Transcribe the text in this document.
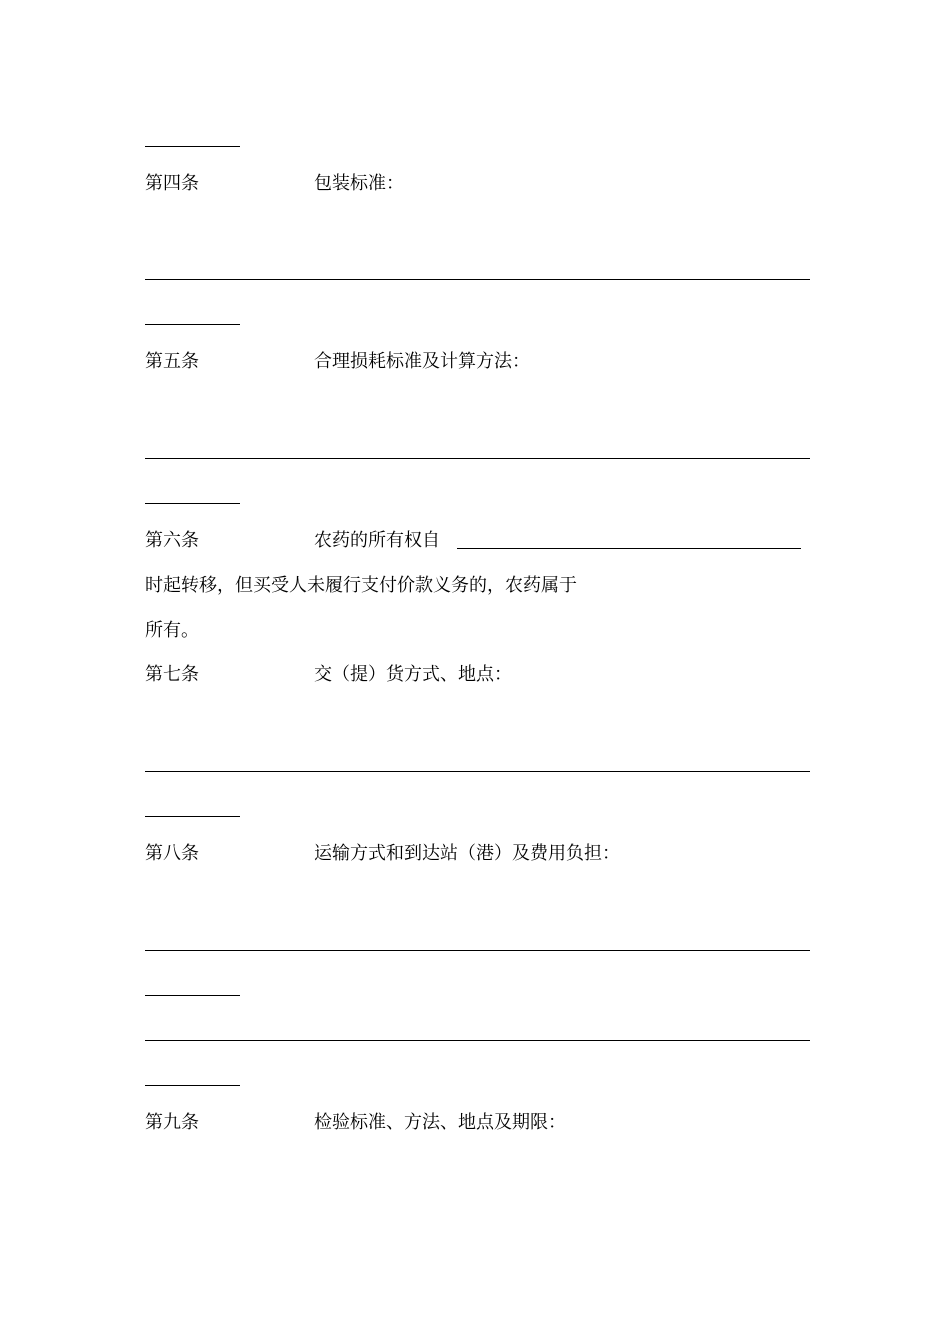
第四条	包装标准：
第五条	合理损耗标准及计算方法：
第六条	农药的所有权自
时起转移，但买受人未履行支付价款义务的，农药属于
所有。
第七条	交（提）货方式、地点：
第八条	运输方式和到达站（港）及费用负担：
第九条	检验标准、方法、地点及期限：
